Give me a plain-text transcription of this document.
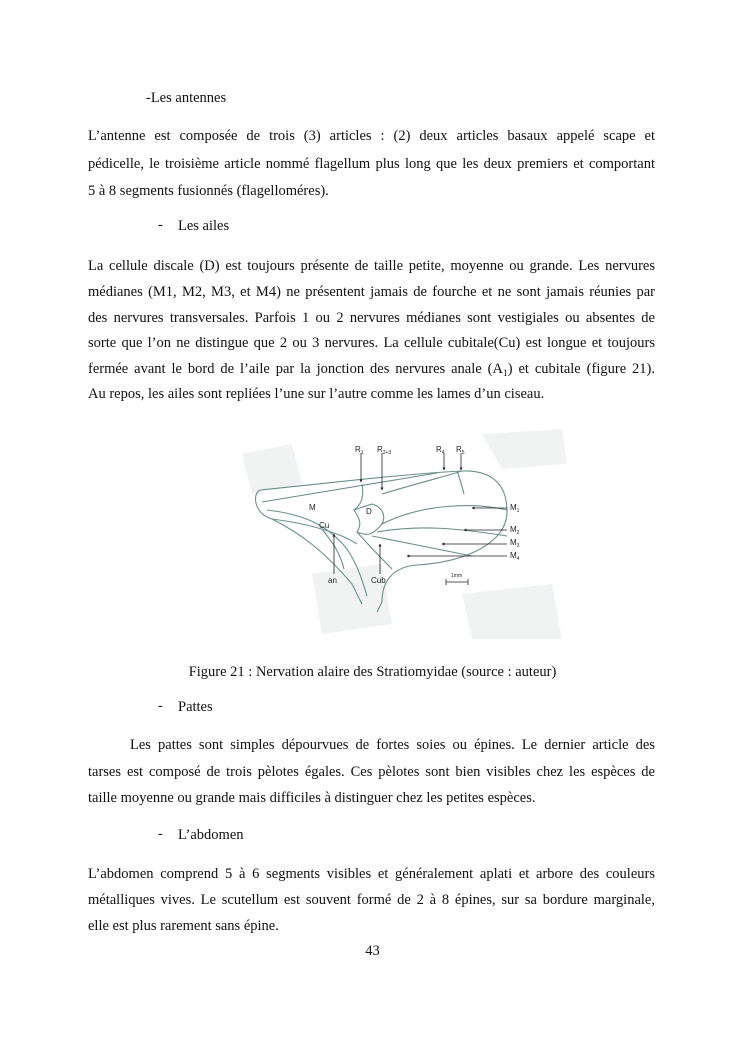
-Les antennes
L’antenne est composée de trois (3) articles : (2) deux articles basaux appelé scape et
pédicelle, le troisième article nommé flagellum plus long que les deux premiers et comportant
5 à 8 segments fusionnés (flagelloméres).
- Les ailes
La cellule discale (D) est toujours présente de taille petite, moyenne ou grande. Les nervures
médianes (M1, M2, M3, et M4) ne présentent jamais de fourche et ne sont jamais réunies par
des nervures transversales. Parfois 1 ou 2 nervures médianes sont vestigiales ou absentes de
sorte que l’on ne distingue que 2 ou 3 nervures. La cellule cubitale(Cu) est longue et toujours
fermée avant le bord de l’aile par la jonction des nervures anale $(A_1)$ et cubitale (figure 21).
Au repos, les ailes sont repliées l’une sur l’autre comme les lames d’un ciseau.
$R_1$ $R_{2+3}$	$R_4$ $R_5$
M	D
Cu
$M_1$
$M_2$
$M_3$
$M_4$
an	Cub	1mm
Figure 21 : Nervation alaire des Stratiomyidae (source : auteur)
- Pattes
Les pattes sont simples dépourvues de fortes soies ou épines. Le dernier article des
tarses est composé de trois pèlotes égales. Ces pèlotes sont bien visibles chez les espèces de
taille moyenne ou grande mais difficiles à distinguer chez les petites espèces.
- L’abdomen
L’abdomen comprend 5 à 6 segments visibles et généralement aplati et arbore des couleurs
métalliques vives. Le scutellum est souvent formé de 2 à 8 épines, sur sa bordure marginale,
elle est plus rarement sans épine.
43
